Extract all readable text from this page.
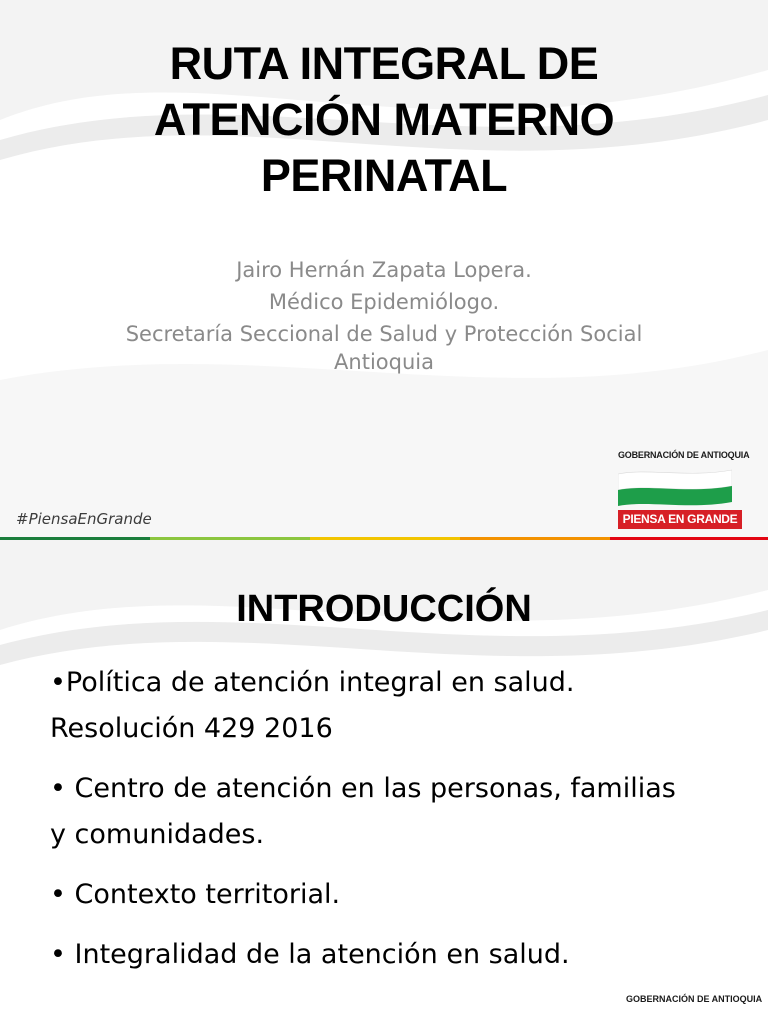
RUTA INTEGRAL DE
ATENCIÓN MATERNO
PERINATAL
Jairo Hernán Zapata Lopera.
Médico Epidemiólogo.
Secretaría Seccional de Salud y Protección Social
Antioquia
#PiensaEnGrande
GOBERNACIÓN DE ANTIOQUIA
PIENSA EN GRANDE
INTRODUCCIÓN
•Política de atención integral en salud.
Resolución 429 2016
• Centro de atención en las personas, familias
y comunidades.
• Contexto territorial.
• Integralidad de la atención en salud.
GOBERNACIÓN DE ANTIOQUIA
